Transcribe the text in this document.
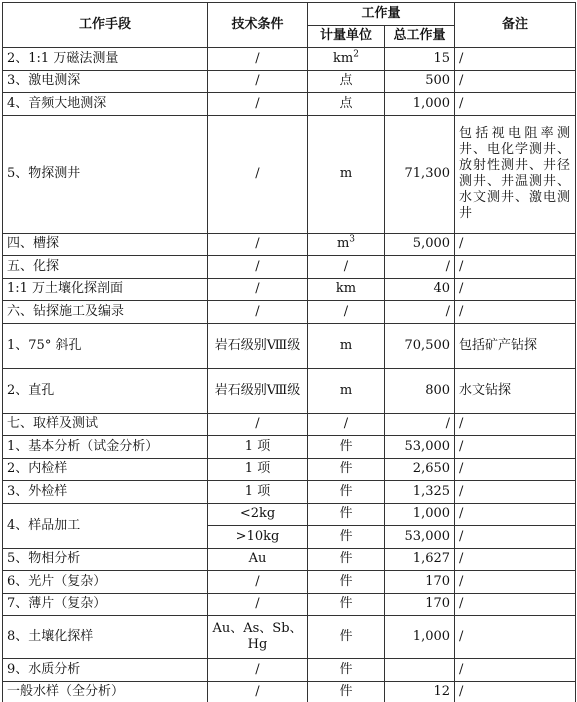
工作手段	技术条件	工作量		备注
		计量单位	总工作量	
2、1:1 万磁法测量	/	$km^2$	15	/
3、激电测深	/	点	500	/
4、音频大地测深	/	点	1,000	/
5、物探测井	/	m	71,300	包括视电阻率测井、电化学测井、放射性测井、井径测井、井温测井、水文测井、激电测井
四、槽探	/	$m^3$	5,000	/
五、化探	/	/	/	/
1:1 万土壤化探剖面	/	km	40	/
六、钻探施工及编录	/	/	/	/
1、75° 斜孔	岩石级别Ⅷ级	m	70,500	包括矿产钻探
2、直孔	岩石级别Ⅷ级	m	800	水文钻探
七、取样及测试	/	/	/	/
1、基本分析（试金分析）	1 项	件	53,000	/
2、内检样	1 项	件	2,650	/
3、外检样	1 项	件	1,325	/
4、样品加工	<2kg	件	1,000	/
	>10kg	件	53,000	/
5、物相分析	Au	件	1,627	/
6、光片（复杂）	/	件	170	/
7、薄片（复杂）	/	件	170	/
8、土壤化探样	Au、As、Sb、Hg	件	1,000	/
9、水质分析	/	件		/
一般水样（全分析）	/	件	12	/
